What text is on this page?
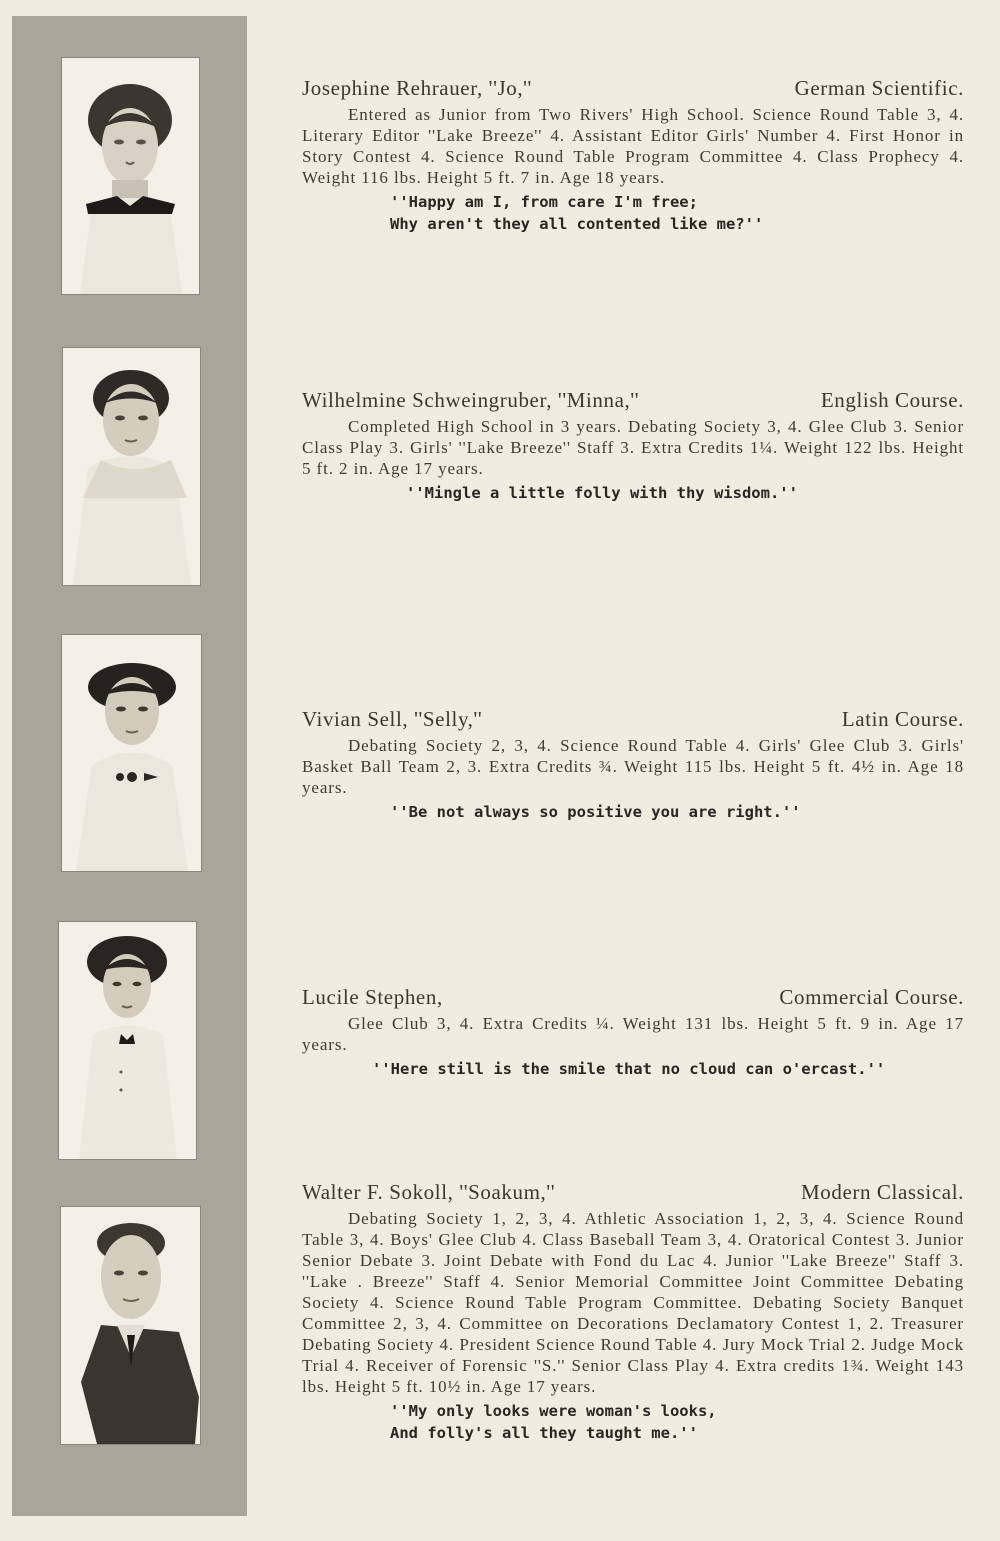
Josephine Rehrauer, ''Jo,''	German Scientific.
Entered as Junior from Two Rivers' High School. Science Round Table 3, 4. Literary Editor ''Lake Breeze'' 4. Assistant Editor Girls' Number 4. First Honor in Story Contest 4. Science Round Table Program Committee 4. Class Prophecy 4. Weight 116 lbs. Height 5 ft. 7 in. Age 18 years.
''Happy am I, from care I'm free;
Why aren't they all contented like me?''
Wilhelmine Schweingruber, ''Minna,''	English Course.
Completed High School in 3 years. Debating Society 3, 4. Glee Club 3. Senior Class Play 3. Girls' ''Lake Breeze'' Staff 3. Extra Credits 1¼. Weight 122 lbs. Height 5 ft. 2 in. Age 17 years.
''Mingle a little folly with thy wisdom.''
Vivian Sell, ''Selly,''	Latin Course.
Debating Society 2, 3, 4. Science Round Table 4. Girls' Glee Club 3. Girls' Basket Ball Team 2, 3. Extra Credits ¾. Weight 115 lbs. Height 5 ft. 4½ in. Age 18 years.
''Be not always so positive you are right.''
Lucile Stephen,	Commercial Course.
Glee Club 3, 4. Extra Credits ¼. Weight 131 lbs. Height 5 ft. 9 in. Age 17 years.
''Here still is the smile that no cloud can o'ercast.''
Walter F. Sokoll, ''Soakum,''	Modern Classical.
Debating Society 1, 2, 3, 4. Athletic Association 1, 2, 3, 4. Science Round Table 3, 4. Boys' Glee Club 4. Class Baseball Team 3, 4. Oratorical Contest 3. Junior Senior Debate 3. Joint Debate with Fond du Lac 4. Junior ''Lake Breeze'' Staff 3. ''Lake . Breeze'' Staff 4. Senior Memorial Committee Joint Committee Debating Society 4. Science Round Table Program Committee. Debating Society Banquet Committee 2, 3, 4. Committee on Decorations Declamatory Contest 1, 2. Treasurer Debating Society 4. President Science Round Table 4. Jury Mock Trial 2. Judge Mock Trial 4. Receiver of Forensic ''S.'' Senior Class Play 4. Extra credits 1¾. Weight 143 lbs. Height 5 ft. 10½ in. Age 17 years.
''My only looks were woman's looks,
And folly's all they taught me.''
